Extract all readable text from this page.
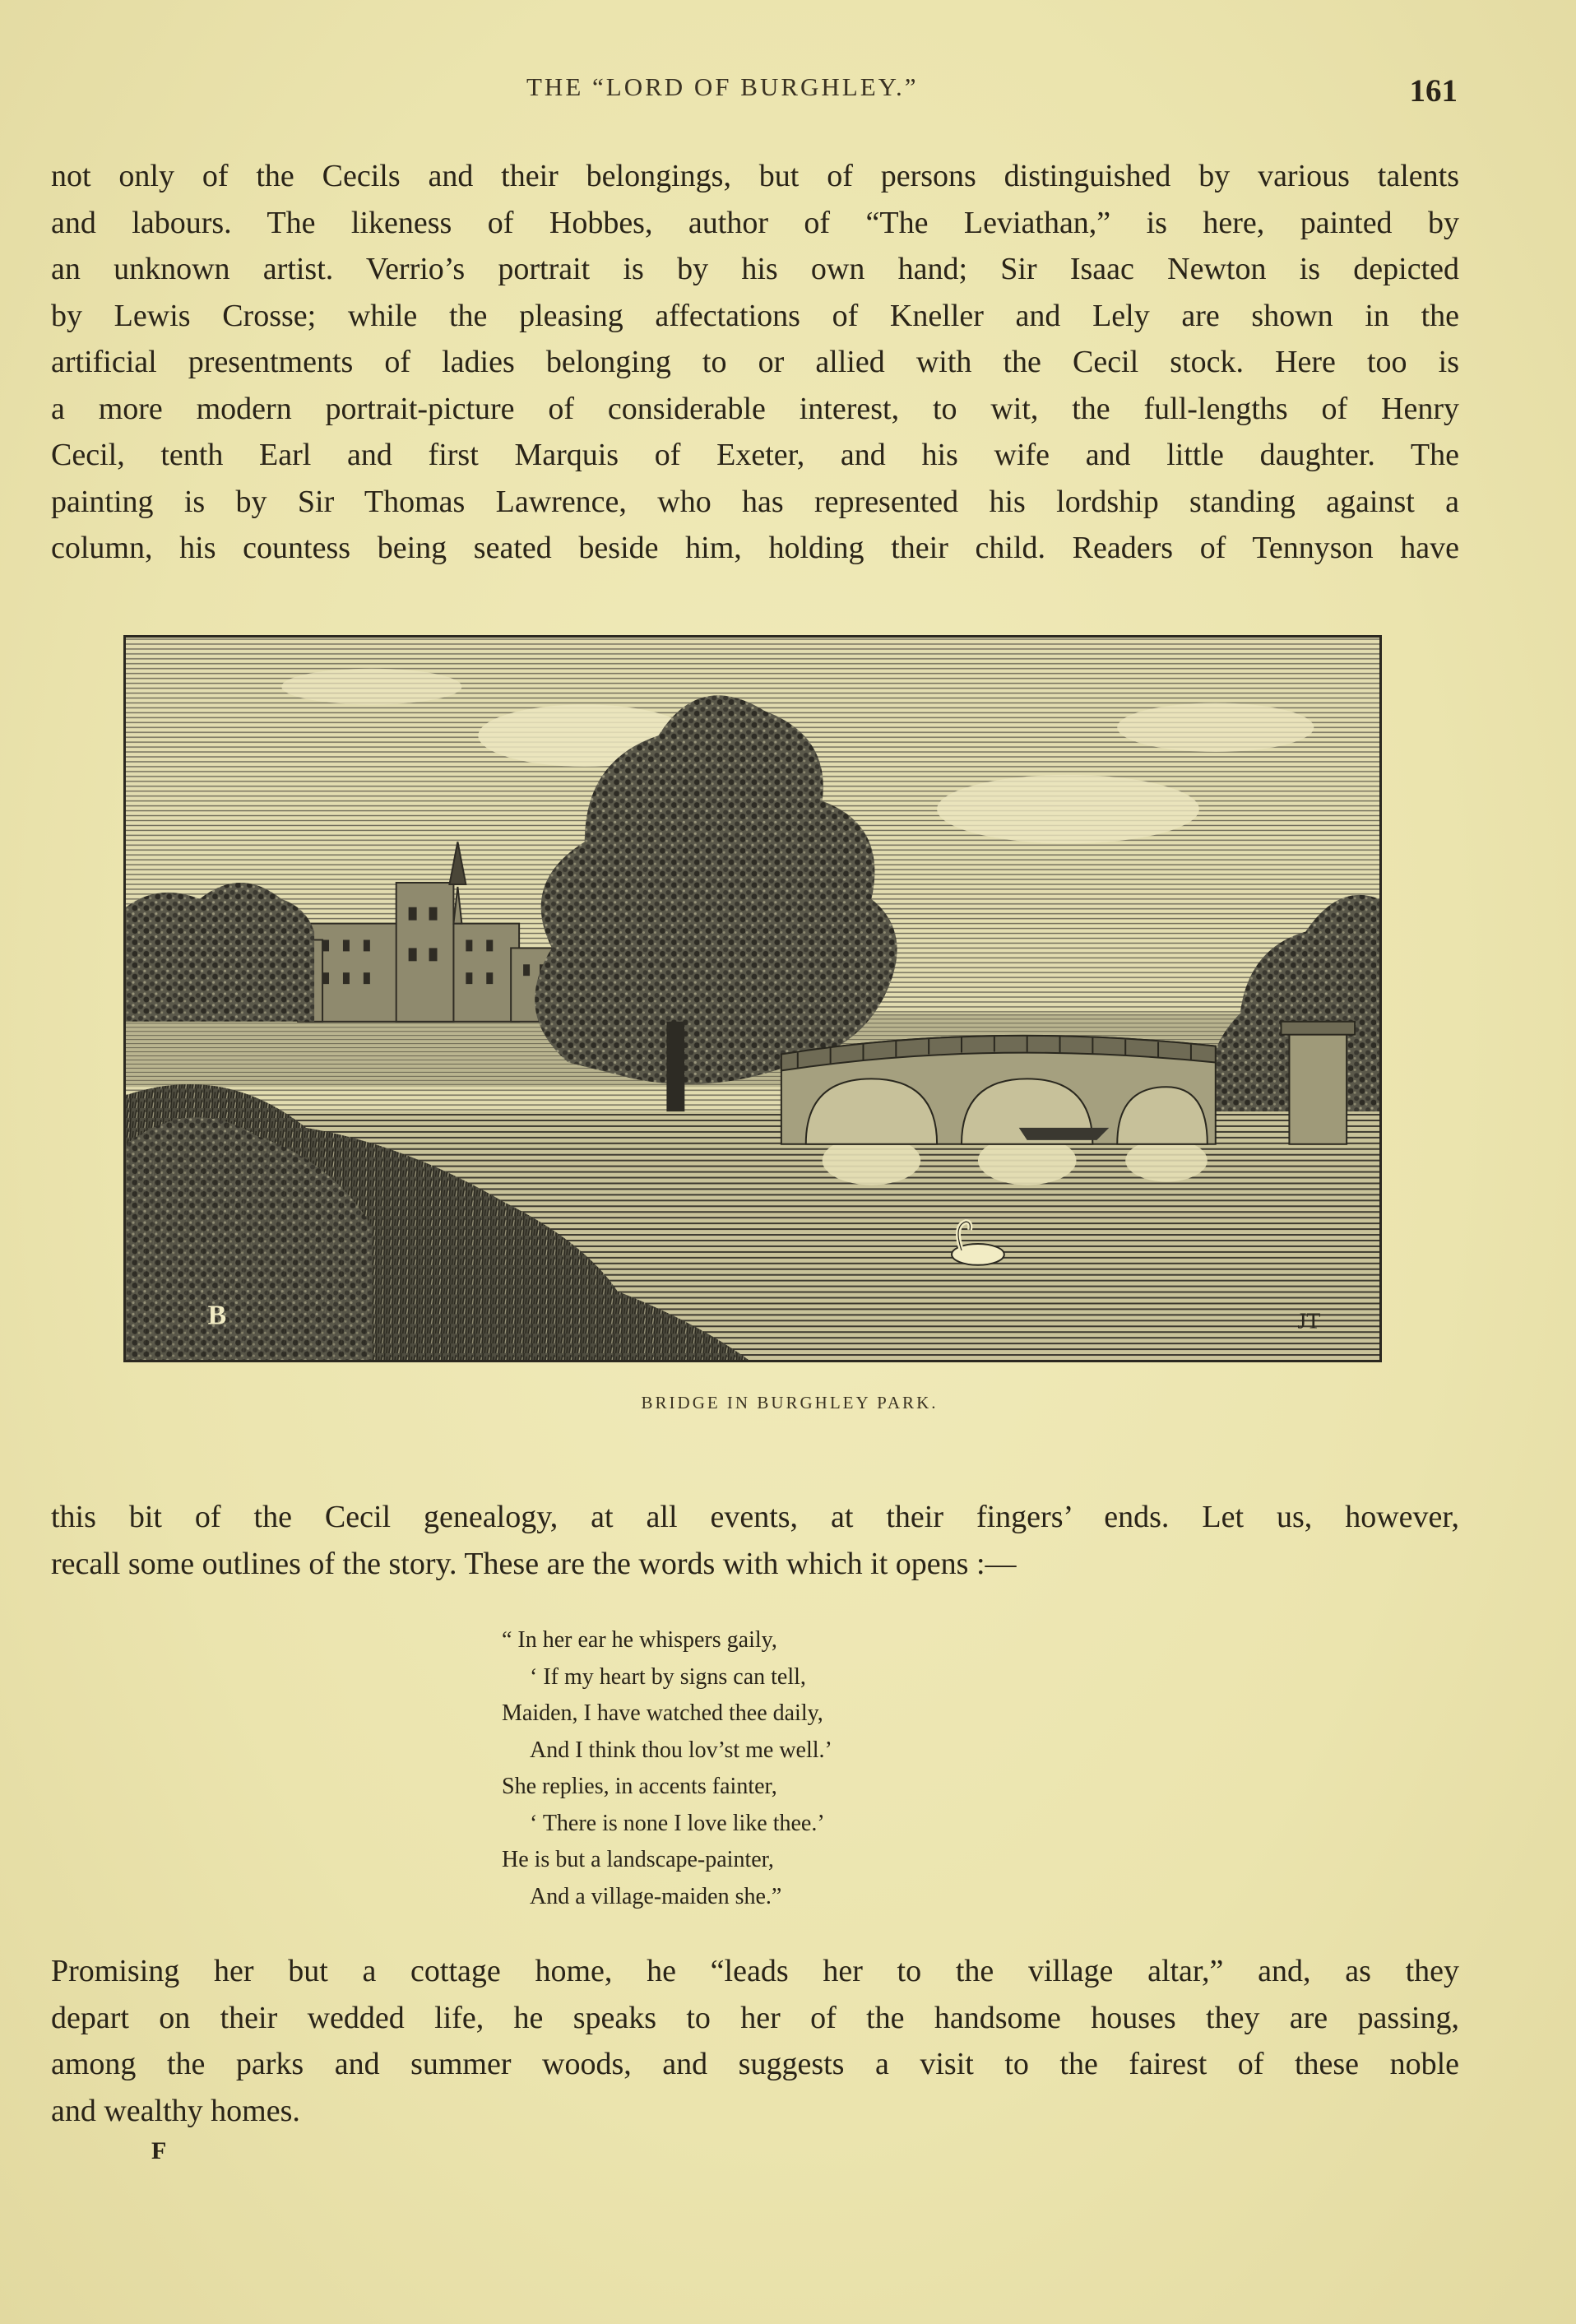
THE “LORD OF BURGHLEY.”	161
not only of the Cecils and their belongings, but of persons distinguished by various talents
and labours. The likeness of Hobbes, author of “The Leviathan,” is here, painted by
an unknown artist. Verrio’s portrait is by his own hand; Sir Isaac Newton is depicted
by Lewis Crosse; while the pleasing affectations of Kneller and Lely are shown in the
artificial presentments of ladies belonging to or allied with the Cecil stock. Here too is
a more modern portrait-picture of considerable interest, to wit, the full-lengths of Henry
Cecil, tenth Earl and first Marquis of Exeter, and his wife and little daughter. The
painting is by Sir Thomas Lawrence, who has represented his lordship standing against a
column, his countess being seated beside him, holding their child. Readers of Tennyson have
B	JT
BRIDGE IN BURGHLEY PARK.
this bit of the Cecil genealogy, at all events, at their fingers’ ends. Let us, however,
recall some outlines of the story. These are the words with which it opens :—
“ In her ear he whispers gaily,
‘ If my heart by signs can tell,
Maiden, I have watched thee daily,
And I think thou lov’st me well.’
She replies, in accents fainter,
‘ There is none I love like thee.’
He is but a landscape-painter,
And a village-maiden she.”
Promising her but a cottage home, he “leads her to the village altar,” and, as they
depart on their wedded life, he speaks to her of the handsome houses they are passing,
among the parks and summer woods, and suggests a visit to the fairest of these noble
and wealthy homes.
F
